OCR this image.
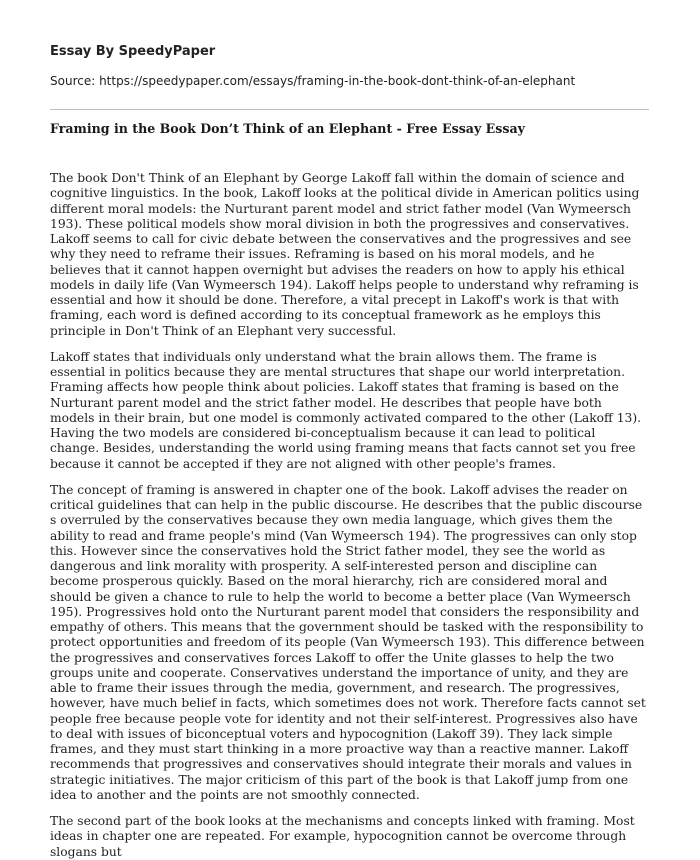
Essay By SpeedyPaper
Source: https://speedypaper.com/essays/framing-in-the-book-dont-think-of-an-elephant
Framing in the Book Don’t Think of an Elephant - Free Essay Essay

The book Don't Think of an Elephant by George Lakoff fall within the domain of science and cognitive linguistics. In the book, Lakoff looks at the political divide in American politics using different moral models: the Nurturant parent model and strict father model (Van Wymeersch 193). These political models show moral division in both the progressives and conservatives. Lakoff seems to call for civic debate between the conservatives and the progressives and see why they need to reframe their issues. Reframing is based on his moral models, and he believes that it cannot happen overnight but advises the readers on how to apply his ethical models in daily life (Van Wymeersch 194). Lakoff helps people to understand why reframing is essential and how it should be done. Therefore, a vital precept in Lakoff's work is that with framing, each word is defined according to its conceptual framework as he employs this principle in Don't Think of an Elephant very successful.

Lakoff states that individuals only understand what the brain allows them. The frame is essential in politics because they are mental structures that shape our world interpretation. Framing affects how people think about policies. Lakoff states that framing is based on the Nurturant parent model and the strict father model. He describes that people have both models in their brain, but one model is commonly activated compared to the other (Lakoff 13). Having the two models are considered bi-conceptualism because it can lead to political change. Besides, understanding the world using framing means that facts cannot set you free because it cannot be accepted if they are not aligned with other people's frames.

The concept of framing is answered in chapter one of the book. Lakoff advises the reader on critical guidelines that can help in the public discourse. He describes that the public discourse s overruled by the conservatives because they own media language, which gives them the ability to read and frame people's mind (Van Wymeersch 194). The progressives can only stop this. However since the conservatives hold the Strict father model, they see the world as dangerous and link morality with prosperity. A self-interested person and discipline can become prosperous quickly. Based on the moral hierarchy, rich are considered moral and should be given a chance to rule to help the world to become a better place (Van Wymeersch 195). Progressives hold onto the Nurturant parent model that considers the responsibility and empathy of others. This means that the government should be tasked with the responsibility to protect opportunities and freedom of its people (Van Wymeersch 193). This difference between the progressives and conservatives forces Lakoff to offer the Unite glasses to help the two groups unite and cooperate. Conservatives understand the importance of unity, and they are able to frame their issues through the media, government, and research. The progressives, however, have much belief in facts, which sometimes does not work. Therefore facts cannot set people free because people vote for identity and not their self-interest. Progressives also have to deal with issues of biconceptual voters and hypocognition (Lakoff 39). They lack simple frames, and they must start thinking in a more proactive way than a reactive manner. Lakoff recommends that progressives and conservatives should integrate their morals and values in strategic initiatives. The major criticism of this part of the book is that Lakoff jump from one idea to another and the points are not smoothly connected.

The second part of the book looks at the mechanisms and concepts linked with framing. Most ideas in chapter one are repeated. For example, hypocognition cannot be overcome through slogans but
